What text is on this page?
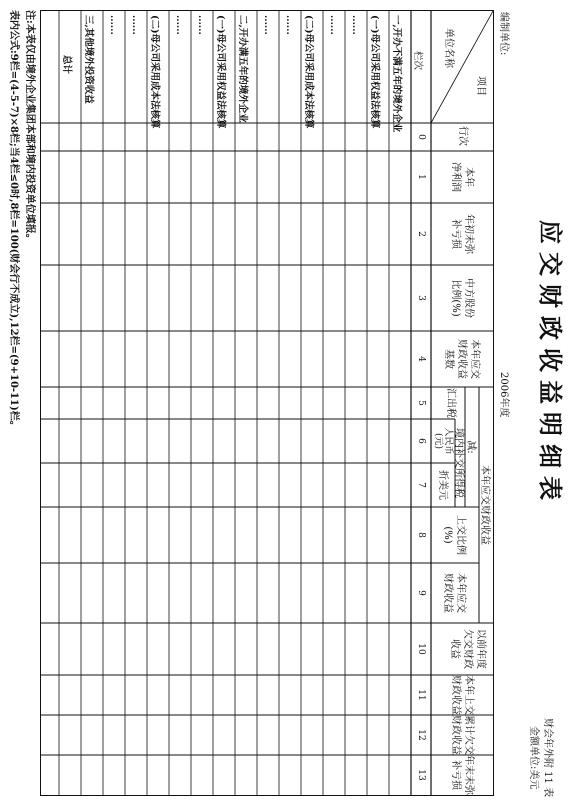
应交财政收益明细表
2006年度
财会年外附 11 表
金额单位:美元
编制单位:
项目
单位名称
行次
本年
净利润
年初未弥
补亏损
中方股份
比例(%)
本年应交
财政收益
基数
本年应交财政收益
减:
汇出税
境内补交所得税
人民币
(元)
折美元
上交比例
(%)
本年应交
财政收益
以前年度
欠交财政
收益
本年上交
财政收益
累计欠交
财政收益
年末未弥
补亏损
栏次
一,开办不满五年的境外企业
(一)母公司采用权益法核算
......
......
(二)母公司采用成本法核算
......
......
二,开办满五年的境外企业
(一)母公司采用权益法核算
......
......
(二)母公司采用成本法核算
......
......
三,其他境外投资收益
总计
0
1
2
3
4
5
6
7
8
9
10
11
12
13
注:本表仅由境外企业集团本部和境内投资单位填报。
表内公式:9栏=(4-5-7)×8栏;当4栏≤0时,8栏=100(财会行不成立),12栏=(9+10-11)栏。
